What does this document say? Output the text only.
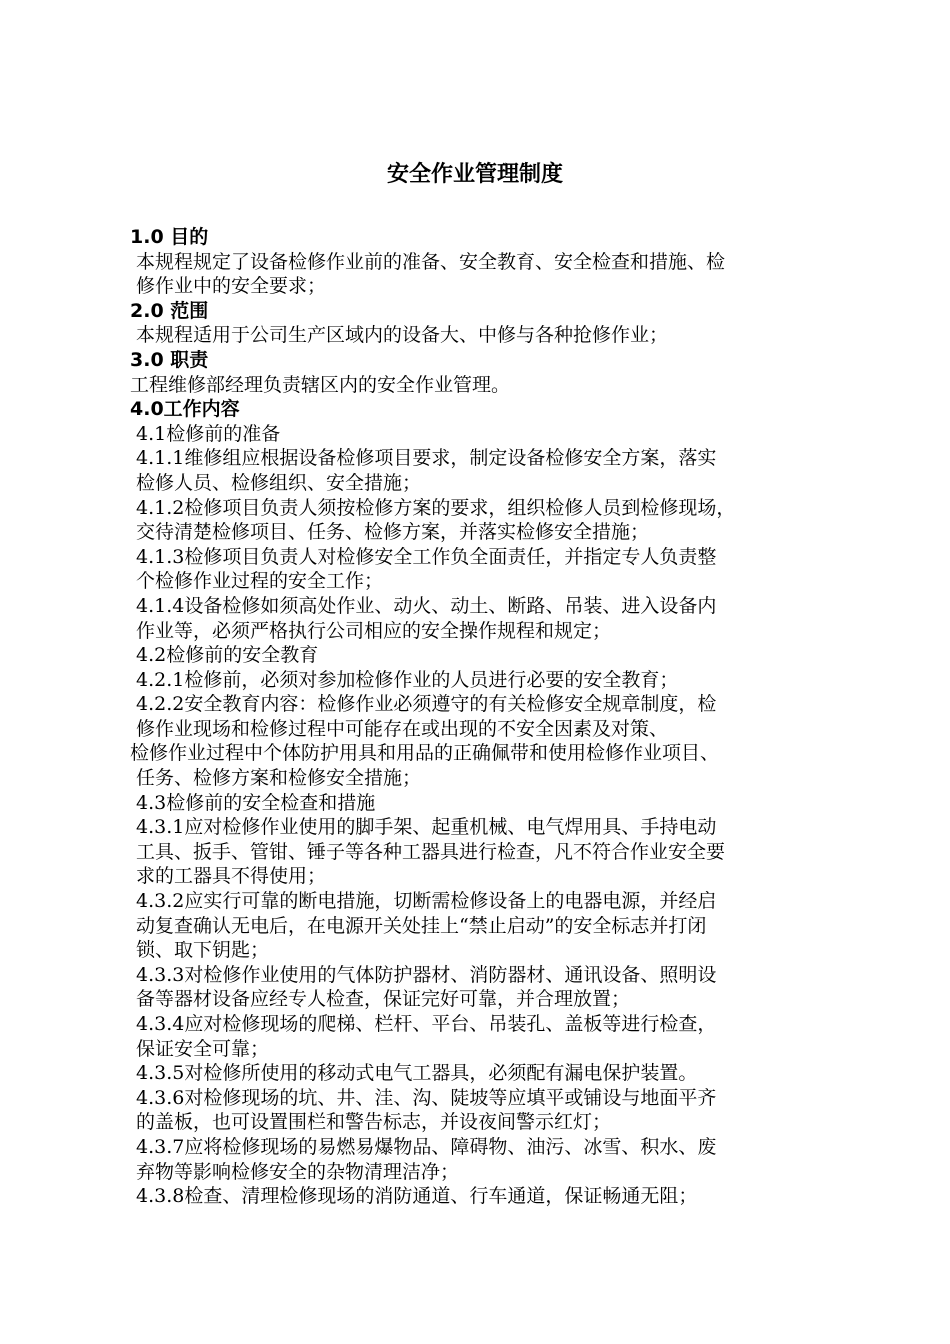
安全作业管理制度
1.0 目的
本规程规定了设备检修作业前的准备、安全教育、安全检查和措施、检
修作业中的安全要求；
2.0 范围
本规程适用于公司生产区域内的设备大、中修与各种抢修作业；
3.0 职责
工程维修部经理负责辖区内的安全作业管理。
4.0工作内容
4.1检修前的准备
4.1.1维修组应根据设备检修项目要求，制定设备检修安全方案，落实
检修人员、检修组织、安全措施；
4.1.2检修项目负责人须按检修方案的要求，组织检修人员到检修现场，
交待清楚检修项目、任务、检修方案，并落实检修安全措施；
4.1.3检修项目负责人对检修安全工作负全面责任，并指定专人负责整
个检修作业过程的安全工作；
4.1.4设备检修如须高处作业、动火、动土、断路、吊装、进入设备内
作业等，必须严格执行公司相应的安全操作规程和规定；
4.2检修前的安全教育
4.2.1检修前，必须对参加检修作业的人员进行必要的安全教育；
4.2.2安全教育内容：检修作业必须遵守的有关检修安全规章制度，检
修作业现场和检修过程中可能存在或出现的不安全因素及对策、
检修作业过程中个体防护用具和用品的正确佩带和使用检修作业项目、
任务、检修方案和检修安全措施；
4.3检修前的安全检查和措施
4.3.1应对检修作业使用的脚手架、起重机械、电气焊用具、手持电动
工具、扳手、管钳、锤子等各种工器具进行检查，凡不符合作业安全要
求的工器具不得使用；
4.3.2应实行可靠的断电措施，切断需检修设备上的电器电源，并经启
动复查确认无电后，在电源开关处挂上“禁止启动”的安全标志并打闭
锁、取下钥匙；
4.3.3对检修作业使用的气体防护器材、消防器材、通讯设备、照明设
备等器材设备应经专人检查，保证完好可靠，并合理放置；
4.3.4应对检修现场的爬梯、栏杆、平台、吊装孔、盖板等进行检查，
保证安全可靠；
4.3.5对检修所使用的移动式电气工器具，必须配有漏电保护装置。
4.3.6对检修现场的坑、井、洼、沟、陡坡等应填平或铺设与地面平齐
的盖板，也可设置围栏和警告标志，并设夜间警示红灯；
4.3.7应将检修现场的易燃易爆物品、障碍物、油污、冰雪、积水、废
弃物等影响检修安全的杂物清理洁净；
4.3.8检查、清理检修现场的消防通道、行车通道，保证畅通无阻；
